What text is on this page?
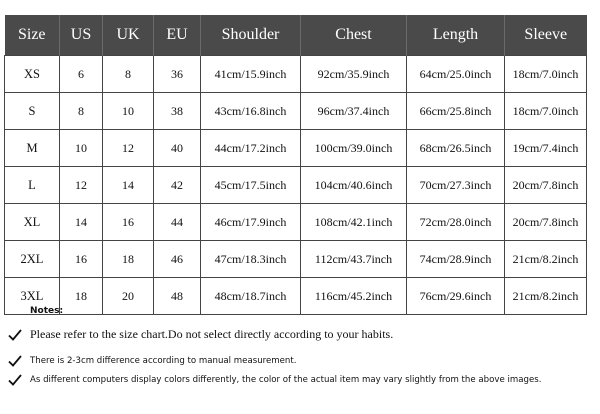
Size	US	UK	EU	Shoulder	Chest	Length	Sleeve
XS	6	8	36	41cm/15.9inch	92cm/35.9inch	64cm/25.0inch	18cm/7.0inch
S	8	10	38	43cm/16.8inch	96cm/37.4inch	66cm/25.8inch	18cm/7.0inch
M	10	12	40	44cm/17.2inch	100cm/39.0inch	68cm/26.5inch	19cm/7.4inch
L	12	14	42	45cm/17.5inch	104cm/40.6inch	70cm/27.3inch	20cm/7.8inch
XL	14	16	44	46cm/17.9inch	108cm/42.1inch	72cm/28.0inch	20cm/7.8inch
2XL	16	18	46	47cm/18.3inch	112cm/43.7inch	74cm/28.9inch	21cm/8.2inch
3XL	18	20	48	48cm/18.7inch	116cm/45.2inch	76cm/29.6inch	21cm/8.2inch
Notes:
Please refer to the size chart.Do not select directly according to your habits.
There is 2-3cm difference according to manual measurement.
As different computers display colors differently, the color of the actual item may vary slightly from the above images.
